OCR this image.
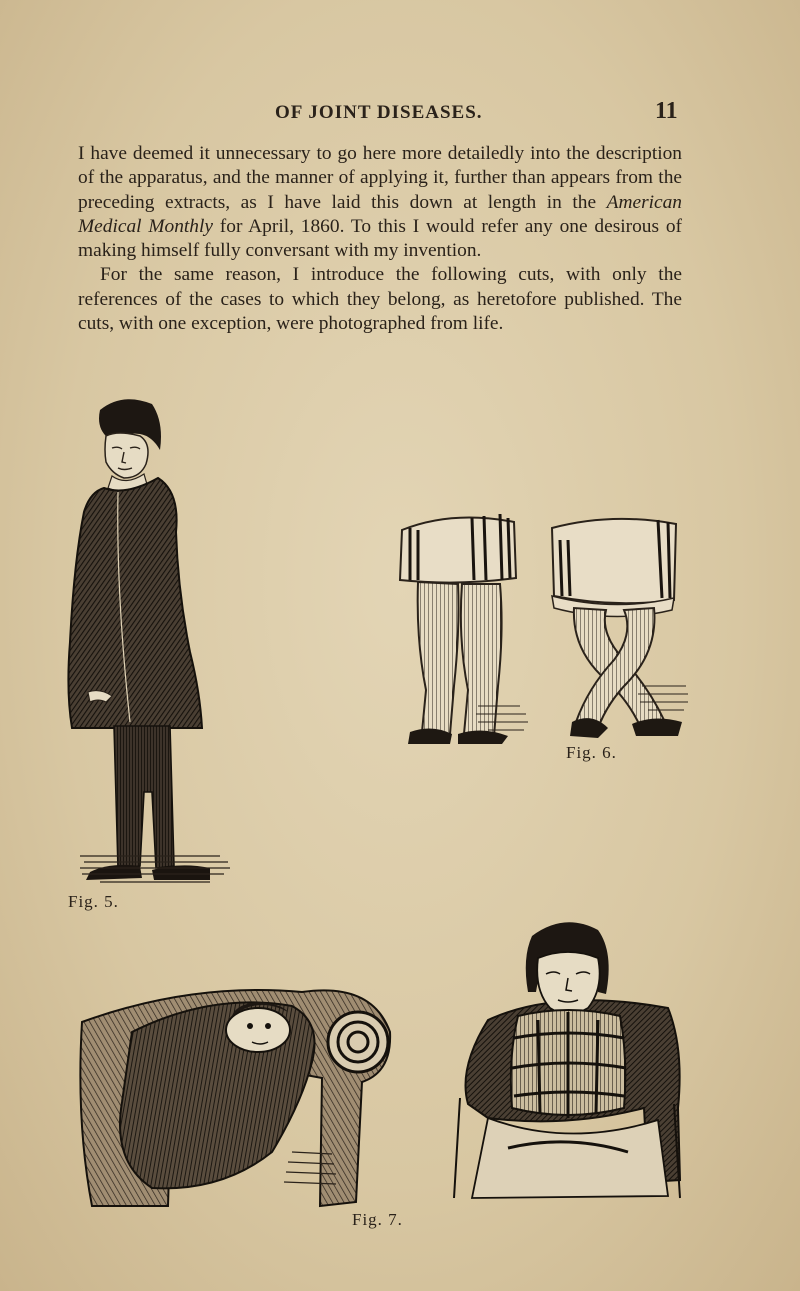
OF JOINT DISEASES.	11

I have deemed it unnecessary to go here more detailedly into the description of the apparatus, and the manner of applying it, further than appears from the preceding extracts, as I have laid this down at length in the American Medical Monthly for April, 1860. To this I would refer any one desirous of making himself fully conversant with my invention.

For the same reason, I introduce the following cuts, with only the references of the cases to which they belong, as heretofore published. The cuts, with one exception, were photographed from life.

Fig. 5.
Fig. 6.
Fig. 7.
